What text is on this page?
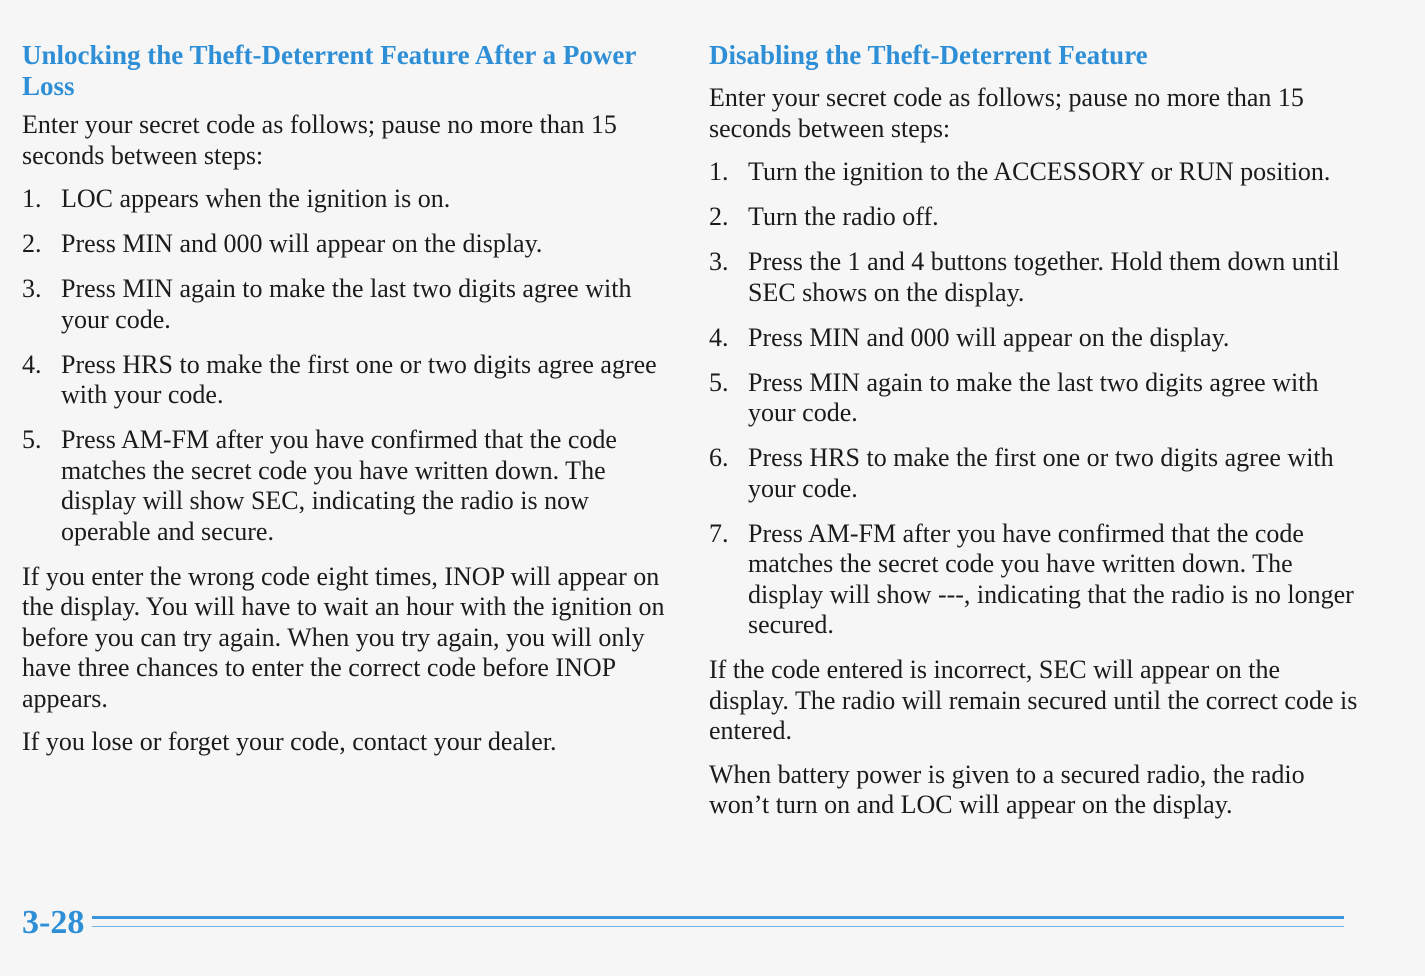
Unlocking the Theft-Deterrent Feature After a Power Loss

Enter your secret code as follows; pause no more than 15 seconds between steps:

1. LOC appears when the ignition is on.
2. Press MIN and 000 will appear on the display.
3. Press MIN again to make the last two digits agree with your code.
4. Press HRS to make the first one or two digits agree agree with your code.
5. Press AM-FM after you have confirmed that the code matches the secret code you have written down. The display will show SEC, indicating the radio is now operable and secure.

If you enter the wrong code eight times, INOP will appear on the display. You will have to wait an hour with the ignition on before you can try again. When you try again, you will only have three chances to enter the correct code before INOP appears.

If you lose or forget your code, contact your dealer.

Disabling the Theft-Deterrent Feature

Enter your secret code as follows; pause no more than 15 seconds between steps:

1. Turn the ignition to the ACCESSORY or RUN position.
2. Turn the radio off.
3. Press the 1 and 4 buttons together. Hold them down until SEC shows on the display.
4. Press MIN and 000 will appear on the display.
5. Press MIN again to make the last two digits agree with your code.
6. Press HRS to make the first one or two digits agree with your code.
7. Press AM-FM after you have confirmed that the code matches the secret code you have written down. The display will show ---, indicating that the radio is no longer secured.

If the code entered is incorrect, SEC will appear on the display. The radio will remain secured until the correct code is entered.

When battery power is given to a secured radio, the radio won’t turn on and LOC will appear on the display.

3-28
